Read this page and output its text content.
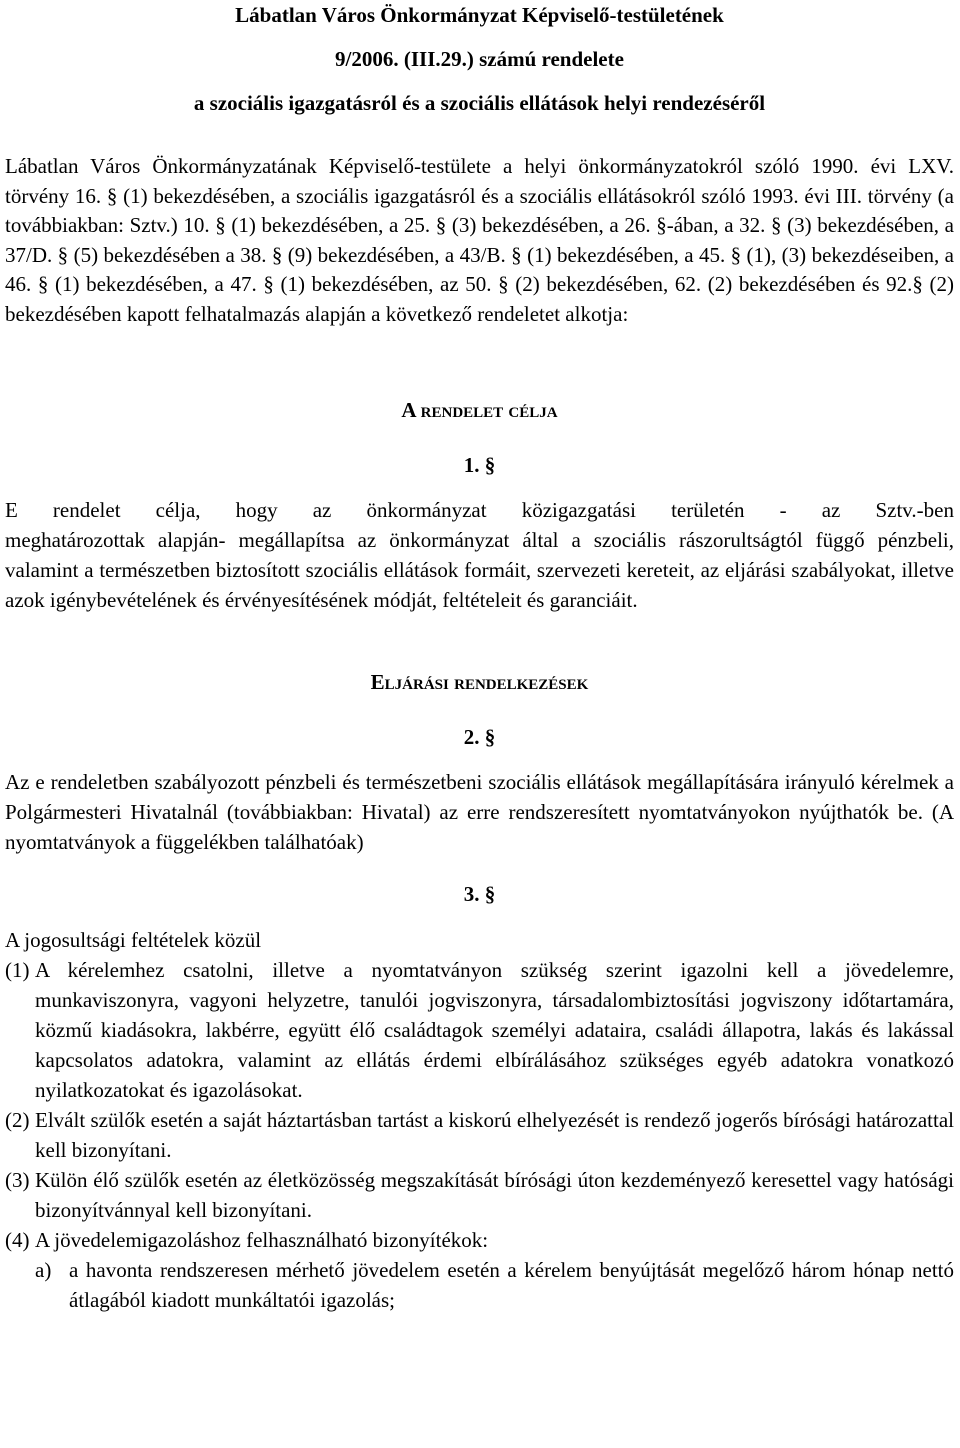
Lábatlan Város Önkormányzat Képviselő-testületének
9/2006. (III.29.) számú rendelete
a szociális igazgatásról és a szociális ellátások helyi rendezéséről
Lábatlan Város Önkormányzatának Képviselő-testülete a helyi önkormányzatokról szóló 1990. évi LXV. törvény 16. § (1) bekezdésében, a szociális igazgatásról és a szociális ellátásokról szóló 1993. évi III. törvény (a továbbiakban: Sztv.) 10. § (1) bekezdésében, a 25. § (3) bekezdésében, a 26. §-ában, a 32. § (3) bekezdésében, a 37/D. § (5) bekezdésében a 38. § (9) bekezdésében, a 43/B. § (1) bekezdésében, a 45. § (1), (3) bekezdéseiben, a 46. § (1) bekezdésében, a 47. § (1) bekezdésében, az 50. § (2) bekezdésében, 62. (2) bekezdésében és 92.§ (2) bekezdésében kapott felhatalmazás alapján a következő rendeletet alkotja:
A rendelet célja
1. §
E rendelet célja, hogy az önkormányzat közigazgatási területén - az Sztv.-ben
meghatározottak alapján- megállapítsa az önkormányzat által a szociális rászorultságtól függő pénzbeli, valamint a természetben biztosított szociális ellátások formáit, szervezeti kereteit, az eljárási szabályokat, illetve azok igénybevételének és érvényesítésének módját, feltételeit és garanciáit.
Eljárási rendelkezések
2. §
Az e rendeletben szabályozott pénzbeli és természetbeni szociális ellátások megállapítására irányuló kérelmek a Polgármesteri Hivatalnál (továbbiakban: Hivatal) az erre rendszeresített nyomtatványokon nyújthatók be. (A nyomtatványok a függelékben találhatóak)
3. §
A jogosultsági feltételek közül
(1) A kérelemhez csatolni, illetve a nyomtatványon szükség szerint igazolni kell a jövedelemre, munkaviszonyra, vagyoni helyzetre, tanulói jogviszonyra, társadalombiztosítási jogviszony időtartamára, közmű kiadásokra, lakbérre, együtt élő családtagok személyi adataira, családi állapotra, lakás és lakással kapcsolatos adatokra, valamint az ellátás érdemi elbírálásához szükséges egyéb adatokra vonatkozó nyilatkozatokat és igazolásokat.
(2) Elvált szülők esetén a saját háztartásban tartást a kiskorú elhelyezését is rendező jogerős bírósági határozattal kell bizonyítani.
(3) Külön élő szülők esetén az életközösség megszakítását bírósági úton kezdeményező keresettel vagy hatósági bizonyítvánnyal kell bizonyítani.
(4) A jövedelemigazoláshoz felhasználható bizonyítékok:
a) a havonta rendszeresen mérhető jövedelem esetén a kérelem benyújtását megelőző három hónap nettó átlagából kiadott munkáltatói igazolás;
